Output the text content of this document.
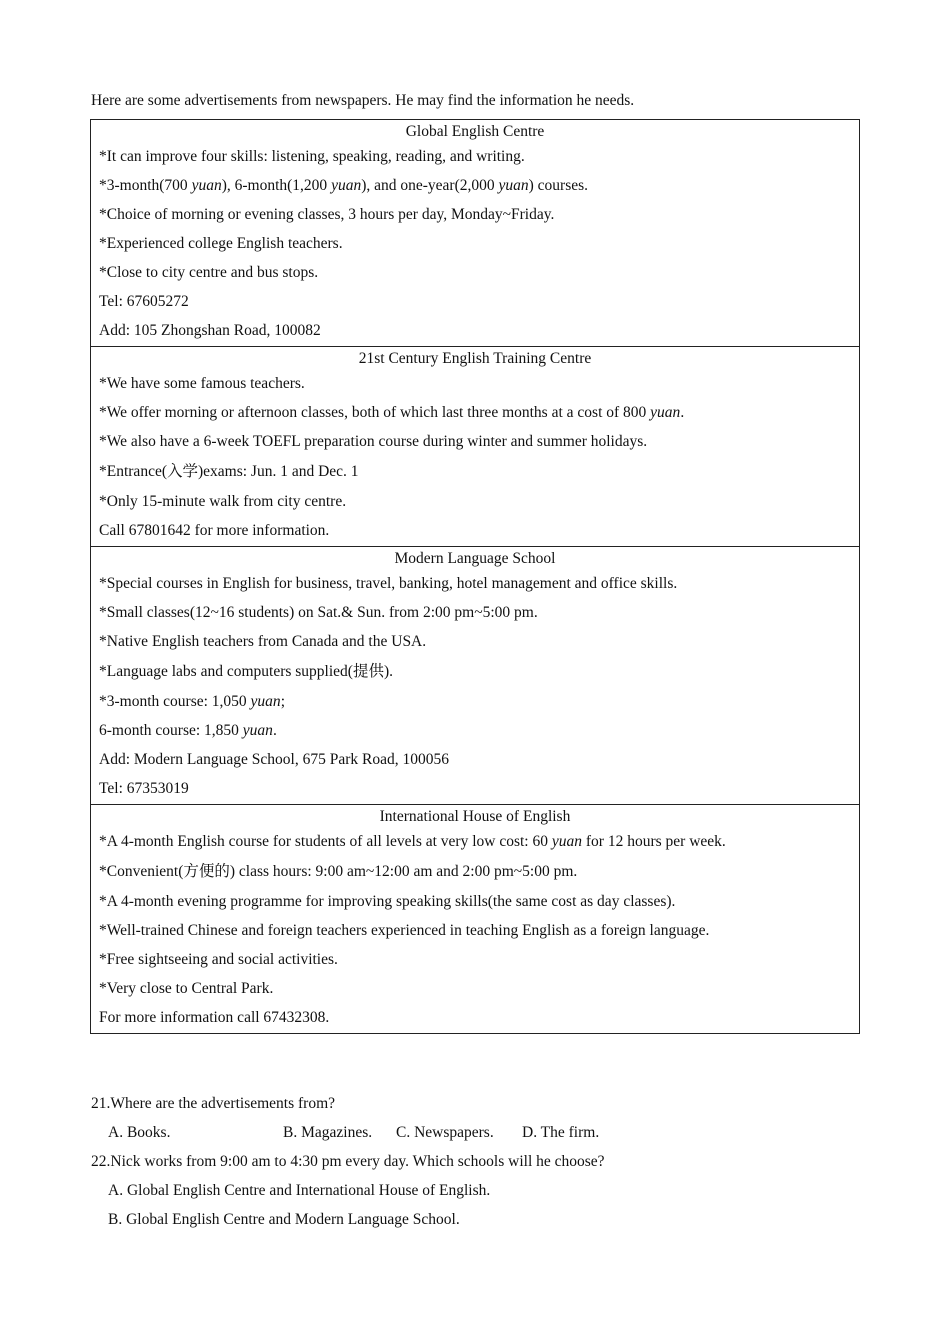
Here are some advertisements from newspapers. He may find the information he needs.
Global English Centre
*It can improve four skills: listening, speaking, reading, and writing.
*3-month(700 yuan), 6-month(1,200 yuan), and one-year(2,000 yuan) courses.
*Choice of morning or evening classes, 3 hours per day, Monday~Friday.
*Experienced college English teachers.
*Close to city centre and bus stops.
Tel: 67605272
Add: 105 Zhongshan Road, 100082

21st Century English Training Centre
*We have some famous teachers.
*We offer morning or afternoon classes, both of which last three months at a cost of 800 yuan.
*We also have a 6-week TOEFL preparation course during winter and summer holidays.
*Entrance(入学)exams: Jun. 1 and Dec. 1
*Only 15-minute walk from city centre.
Call 67801642 for more information.

Modern Language School
*Special courses in English for business, travel, banking, hotel management and office skills.
*Small classes(12~16 students) on Sat.& Sun. from 2:00 pm~5:00 pm.
*Native English teachers from Canada and the USA.
*Language labs and computers supplied(提供).
*3-month course: 1,050 yuan;
6-month course: 1,850 yuan.
Add: Modern Language School, 675 Park Road, 100056
Tel: 67353019

International House of English
*A 4-month English course for students of all levels at very low cost: 60 yuan for 12 hours per week.
*Convenient(方便的) class hours: 9:00 am~12:00 am and 2:00 pm~5:00 pm.
*A 4-month evening programme for improving speaking skills(the same cost as day classes).
*Well-trained Chinese and foreign teachers experienced in teaching English as a foreign language.
*Free sightseeing and social activities.
*Very close to Central Park.
For more information call 67432308.
21.Where are the advertisements from?
A. Books.	B. Magazines. C. Newspapers. D. The firm.
22.Nick works from 9:00 am to 4:30 pm every day. Which schools will he choose?
A. Global English Centre and International House of English.
B. Global English Centre and Modern Language School.
